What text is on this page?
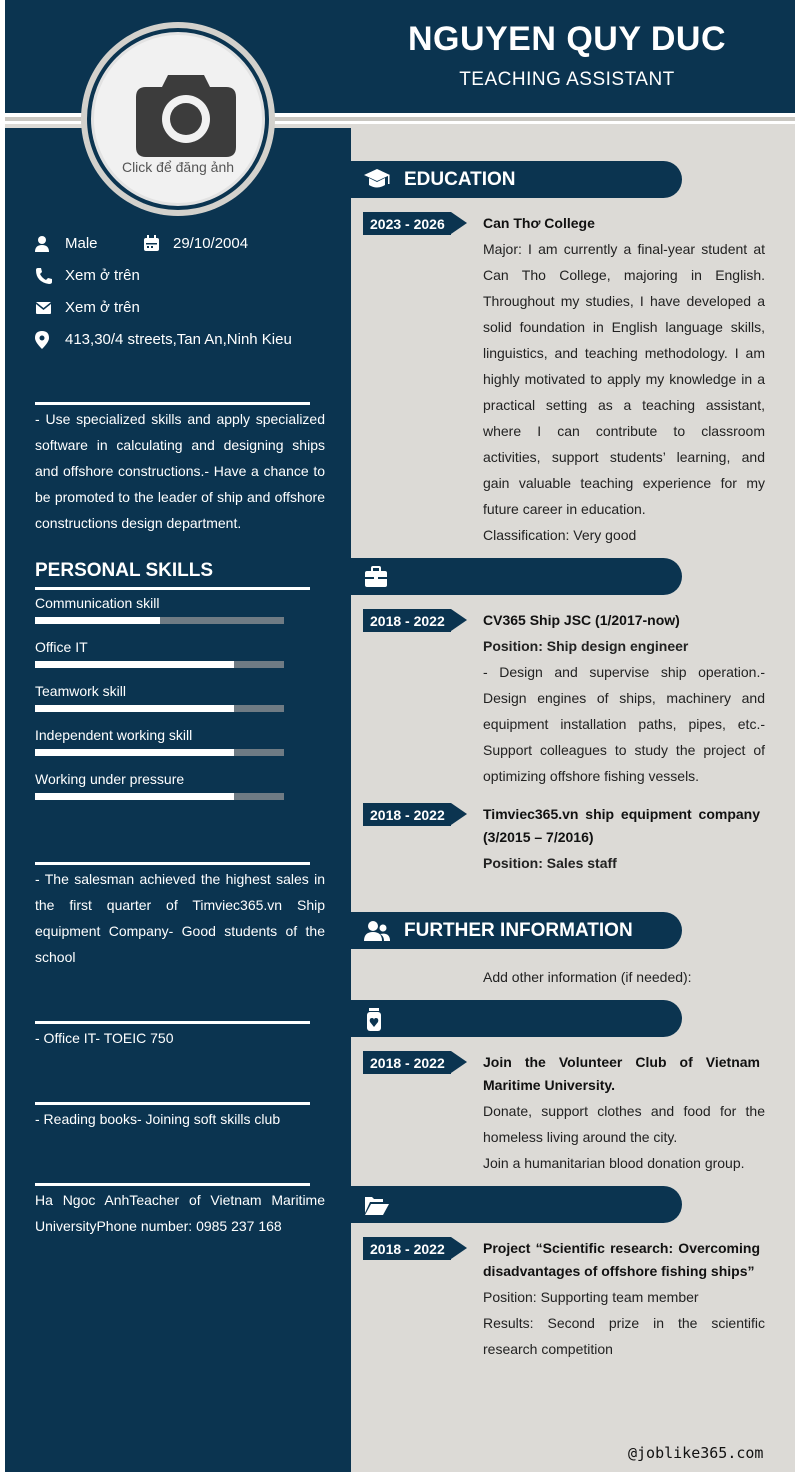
NGUYEN QUY DUC
TEACHING ASSISTANT
Click để đăng ảnh
Male	29/10/2004
Xem ở trên
Xem ở trên
413,30/4 streets,Tan An,Ninh Kieu
- Use specialized skills and apply specialized software in calculating and designing ships and offshore constructions.- Have a chance to be promoted to the leader of ship and offshore constructions design department.
PERSONAL SKILLS
Communication skill
Office IT
Teamwork skill
Independent working skill
Working under pressure
- The salesman achieved the highest sales in the first quarter of Timviec365.vn Ship equipment Company- Good students of the school
- Office IT- TOEIC 750
- Reading books- Joining soft skills club
Ha Ngoc AnhTeacher of Vietnam Maritime UniversityPhone number: 0985 237 168
EDUCATION
2023 - 2026	Can Thơ College
Major: I am currently a final-year student at Can Tho College, majoring in English. Throughout my studies, I have developed a solid foundation in English language skills, linguistics, and teaching methodology. I am highly motivated to apply my knowledge in a practical setting as a teaching assistant, where I can contribute to classroom activities, support students’ learning, and gain valuable teaching experience for my future career in education.
Classification: Very good
2018 - 2022	CV365 Ship JSC (1/2017-now)
Position: Ship design engineer
- Design and supervise ship operation.- Design engines of ships, machinery and equipment installation paths, pipes, etc.- Support colleagues to study the project of optimizing offshore fishing vessels.
2018 - 2022	Timviec365.vn ship equipment company (3/2015 – 7/2016)
Position: Sales staff
FURTHER INFORMATION
Add other information (if needed):
2018 - 2022	Join the Volunteer Club of Vietnam Maritime University.
Donate, support clothes and food for the homeless living around the city.
Join a humanitarian blood donation group.
2018 - 2022	Project “Scientific research: Overcoming disadvantages of offshore fishing ships”
Position: Supporting team member
Results: Second prize in the scientific research competition
@joblike365.com
